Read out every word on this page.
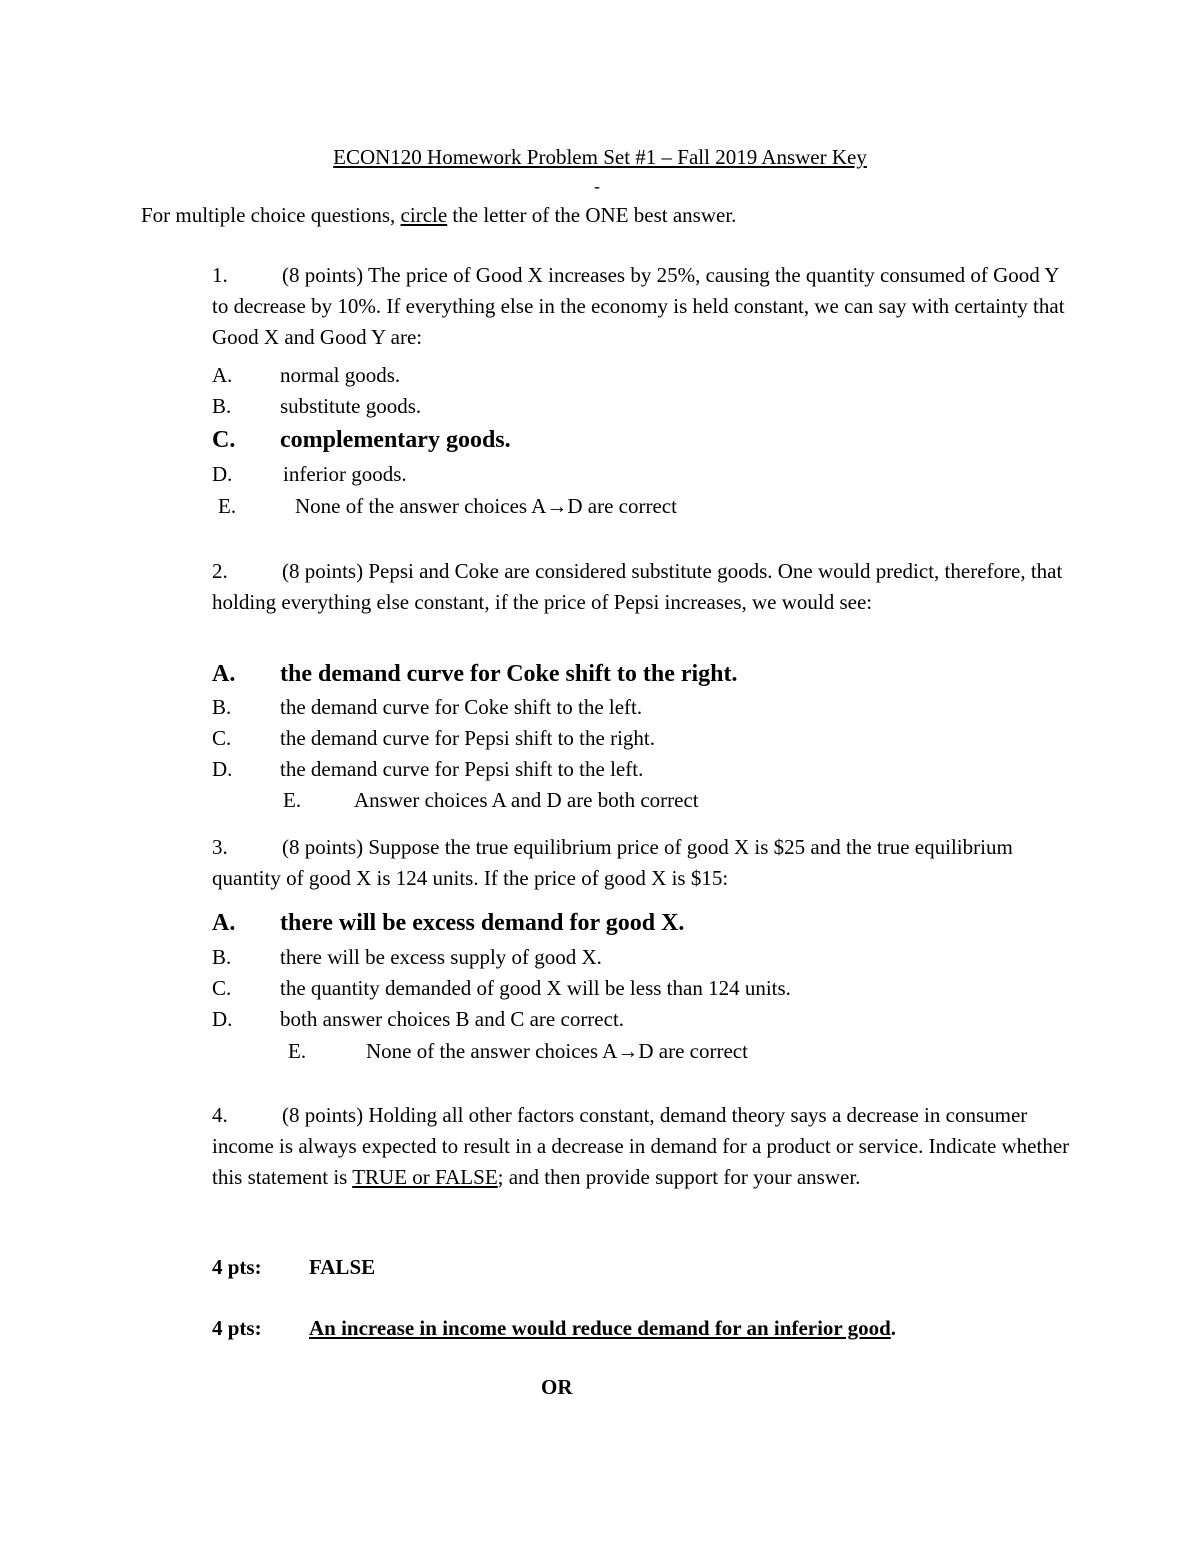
ECON120 Homework Problem Set #1 – Fall 2019 Answer Key
-
For multiple choice questions, circle the letter of the ONE best answer.
1.	(8 points) The price of Good X increases by 25%, causing the quantity consumed of Good Y to decrease by 10%. If everything else in the economy is held constant, we can say with certainty that Good X and Good Y are:
A. normal goods.
B. substitute goods.
C. complementary goods.
D. inferior goods.
E.	None of the answer choices A→D are correct
2.	(8 points) Pepsi and Coke are considered substitute goods. One would predict, therefore, that holding everything else constant, if the price of Pepsi increases, we would see:
A. the demand curve for Coke shift to the right.
B. the demand curve for Coke shift to the left.
C. the demand curve for Pepsi shift to the right.
D. the demand curve for Pepsi shift to the left.
E.	Answer choices A and D are both correct
3.	(8 points) Suppose the true equilibrium price of good X is $25 and the true equilibrium quantity of good X is 124 units. If the price of good X is $15:
A. there will be excess demand for good X.
B. there will be excess supply of good X.
C. the quantity demanded of good X will be less than 124 units.
D. both answer choices B and C are correct.
E.	None of the answer choices A→D are correct
4.	(8 points) Holding all other factors constant, demand theory says a decrease in consumer income is always expected to result in a decrease in demand for a product or service. Indicate whether this statement is TRUE or FALSE; and then provide support for your answer.
4 pts: FALSE
4 pts: An increase in income would reduce demand for an inferior good.
OR
